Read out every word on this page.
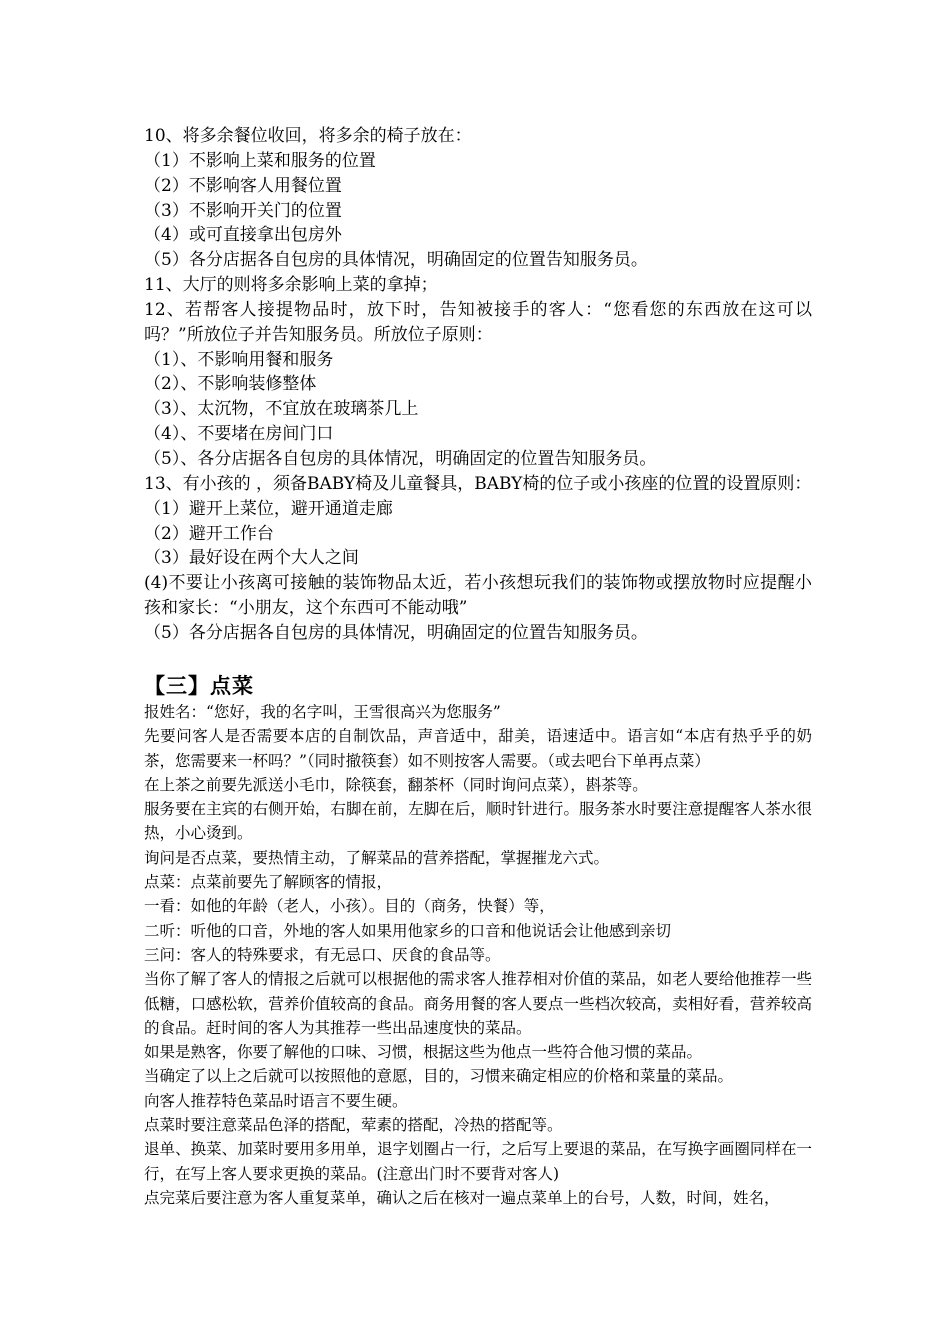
10、将多余餐位收回，将多余的椅子放在：

（1）不影响上菜和服务的位置

（2）不影响客人用餐位置

（3）不影响开关门的位置

（4）或可直接拿出包房外

（5）各分店据各自包房的具体情况，明确固定的位置告知服务员。

11、大厅的则将多余影响上菜的拿掉；

12、若帮客人接提物品时，放下时，告知被接手的客人：“您看您的东西放在这可以吗？”所放位子并告知服务员。所放位子原则：

（1）、不影响用餐和服务

（2）、不影响装修整体

（3）、太沉物，不宜放在玻璃茶几上

（4）、不要堵在房间门口

（5）、各分店据各自包房的具体情况，明确固定的位置告知服务员。

13、有小孩的 ，须备BABY椅及儿童餐具，BABY椅的位子或小孩座的位置的设置原则：

（1）避开上菜位，避开通道走廊

（2）避开工作台

（3）最好设在两个大人之间

(4)不要让小孩离可接触的装饰物品太近，若小孩想玩我们的装饰物或摆放物时应提醒小孩和家长：“小朋友，这个东西可不能动哦”

（5）各分店据各自包房的具体情况，明确固定的位置告知服务员。

【三】点菜

报姓名：“您好，我的名字叫，王雪很高兴为您服务”

先要问客人是否需要本店的自制饮品，声音适中，甜美，语速适中。语言如“本店有热乎乎的奶茶，您需要来一杯吗？”（同时撤筷套）如不则按客人需要。（或去吧台下单再点菜）

在上茶之前要先派送小毛巾，除筷套，翻茶杯（同时询问点菜），斟茶等。

服务要在主宾的右侧开始，右脚在前，左脚在后，顺时针进行。服务茶水时要注意提醒客人茶水很热，小心烫到。

询问是否点菜，要热情主动，了解菜品的营养搭配，掌握摧龙六式。

点菜：点菜前要先了解顾客的情报，

一看：如他的年龄（老人，小孩）。目的（商务，快餐）等，

二听：听他的口音，外地的客人如果用他家乡的口音和他说话会让他感到亲切

三问：客人的特殊要求，有无忌口、厌食的食品等。

当你了解了客人的情报之后就可以根据他的需求客人推荐相对价值的菜品，如老人要给他推荐一些低糖，口感松软，营养价值较高的食品。商务用餐的客人要点一些档次较高，卖相好看，营养较高的食品。赶时间的客人为其推荐一些出品速度快的菜品。

如果是熟客，你要了解他的口味、习惯，根据这些为他点一些符合他习惯的菜品。

当确定了以上之后就可以按照他的意愿，目的，习惯来确定相应的价格和菜量的菜品。

向客人推荐特色菜品时语言不要生硬。

点菜时要注意菜品色泽的搭配，荤素的搭配，冷热的搭配等。

退单、换菜、加菜时要用多用单，退字划圈占一行，之后写上要退的菜品，在写换字画圈同样在一行，在写上客人要求更换的菜品。(注意出门时不要背对客人)

点完菜后要注意为客人重复菜单，确认之后在核对一遍点菜单上的台号，人数，时间，姓名，
